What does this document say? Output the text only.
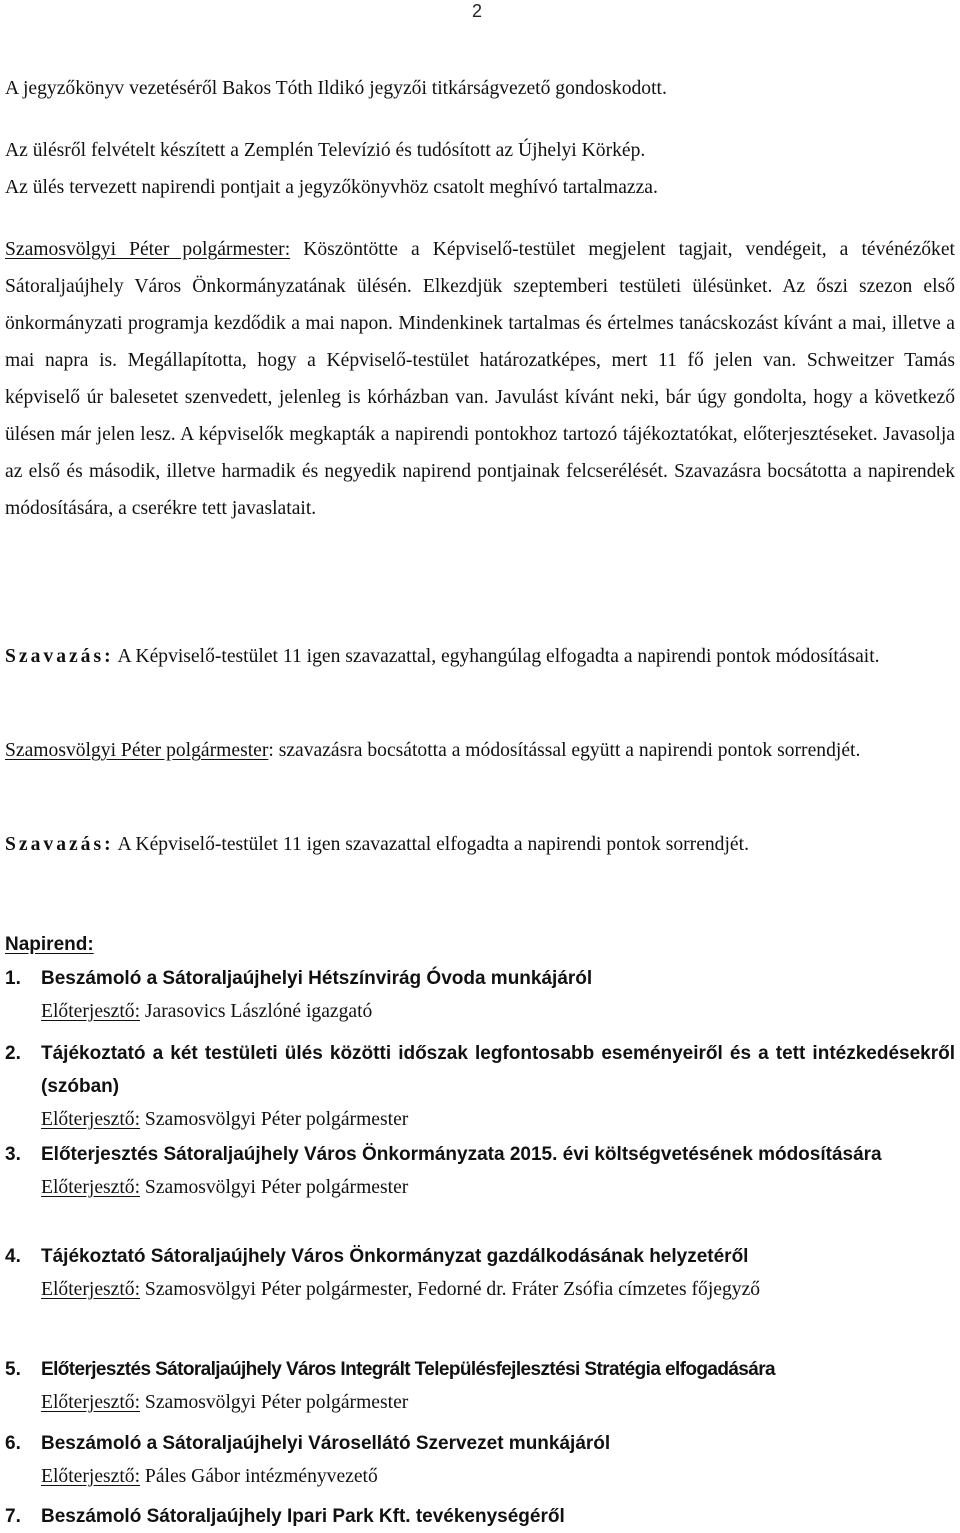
2

A jegyzőkönyv vezetéséről Bakos Tóth Ildikó jegyzői titkárságvezető gondoskodott.

Az ülésről felvételt készített a Zemplén Televízió és tudósított az Újhelyi Körkép.

Az ülés tervezett napirendi pontjait a jegyzőkönyvhöz csatolt meghívó tartalmazza.

Szamosvölgyi Péter polgármester: Köszöntötte a Képviselő-testület megjelent tagjait, vendégeit, a tévénézőket Sátoraljaújhely Város Önkormányzatának ülésén. Elkezdjük szeptemberi testületi ülésünket. Az őszi szezon első önkormányzati programja kezdődik a mai napon. Mindenkinek tartalmas és értelmes tanácskozást kívánt a mai, illetve a mai napra is. Megállapította, hogy a Képviselő-testület határozatképes, mert 11 fő jelen van. Schweitzer Tamás képviselő úr balesetet szenvedett, jelenleg is kórházban van. Javulást kívánt neki, bár úgy gondolta, hogy a következő ülésen már jelen lesz. A képviselők megkapták a napirendi pontokhoz tartozó tájékoztatókat, előterjesztéseket. Javasolja az első és második, illetve harmadik és negyedik napirend pontjainak felcserélését. Szavazásra bocsátotta a napirendek módosítására, a cserékre tett javaslatait.

Szavazás: A Képviselő-testület 11 igen szavazattal, egyhangúlag elfogadta a napirendi pontok módosításait.

Szamosvölgyi Péter polgármester: szavazásra bocsátotta a módosítással együtt a napirendi pontok sorrendjét.

Szavazás: A Képviselő-testület 11 igen szavazattal elfogadta a napirendi pontok sorrendjét.

Napirend:

1. Beszámoló a Sátoraljaújhelyi Hétszínvirág Óvoda munkájáról
Előterjesztő: Jarasovics Lászlóné igazgató
2. Tájékoztató a két testületi ülés közötti időszak legfontosabb eseményeiről és a tett intézkedésekről (szóban)
Előterjesztő: Szamosvölgyi Péter polgármester
3. Előterjesztés Sátoraljaújhely Város Önkormányzata 2015. évi költségvetésének módosítására
Előterjesztő: Szamosvölgyi Péter polgármester
4. Tájékoztató Sátoraljaújhely Város Önkormányzat gazdálkodásának helyzetéről
Előterjesztő: Szamosvölgyi Péter polgármester, Fedorné dr. Fráter Zsófia címzetes főjegyző
5. Előterjesztés Sátoraljaújhely Város Integrált Településfejlesztési Stratégia elfogadására
Előterjesztő: Szamosvölgyi Péter polgármester
6. Beszámoló a Sátoraljaújhelyi Városellátó Szervezet munkájáról
Előterjesztő: Páles Gábor intézményvezető
7. Beszámoló Sátoraljaújhely Ipari Park Kft. tevékenységéről
